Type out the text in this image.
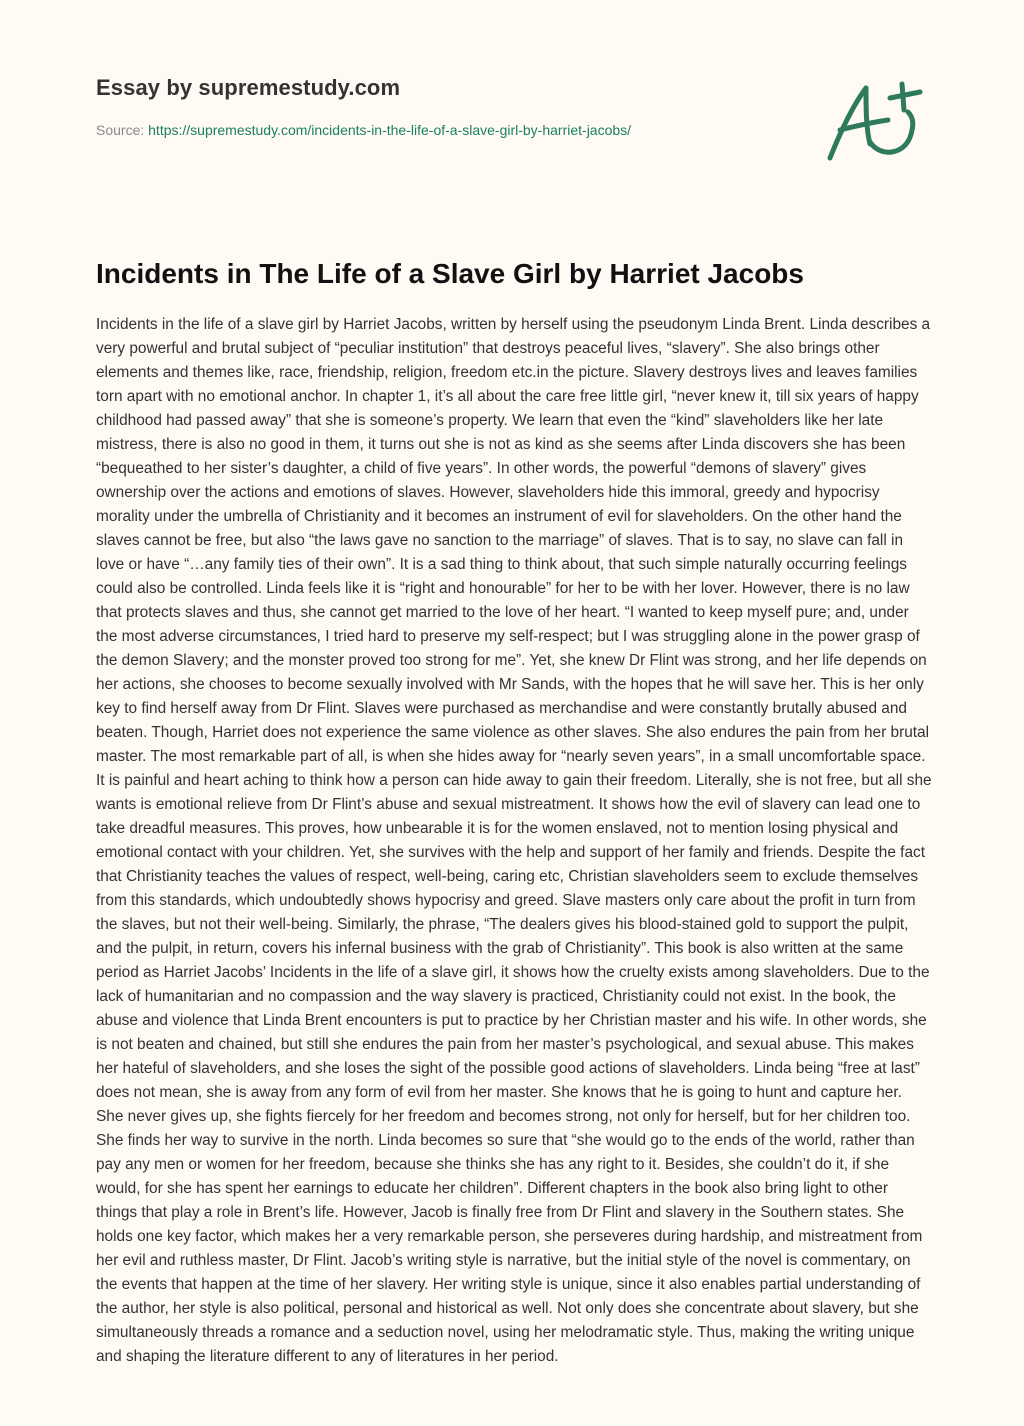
Essay by supremestudy.com
Source: https://supremestudy.com/incidents-in-the-life-of-a-slave-girl-by-harriet-jacobs/
Incidents in The Life of a Slave Girl by Harriet Jacobs

Incidents in the life of a slave girl by Harriet Jacobs, written by herself using the pseudonym Linda Brent. Linda describes a very powerful and brutal subject of “peculiar institution” that destroys peaceful lives, “slavery”. She also brings other elements and themes like, race, friendship, religion, freedom etc.in the picture. Slavery destroys lives and leaves families torn apart with no emotional anchor. In chapter 1, it’s all about the care free little girl, “never knew it, till six years of happy childhood had passed away” that she is someone’s property. We learn that even the “kind” slaveholders like her late mistress, there is also no good in them, it turns out she is not as kind as she seems after Linda discovers she has been “bequeathed to her sister’s daughter, a child of five years”. In other words, the powerful “demons of slavery” gives ownership over the actions and emotions of slaves. However, slaveholders hide this immoral, greedy and hypocrisy morality under the umbrella of Christianity and it becomes an instrument of evil for slaveholders. On the other hand the slaves cannot be free, but also “the laws gave no sanction to the marriage” of slaves. That is to say, no slave can fall in love or have “…any family ties of their own”. It is a sad thing to think about, that such simple naturally occurring feelings could also be controlled. Linda feels like it is “right and honourable” for her to be with her lover. However, there is no law that protects slaves and thus, she cannot get married to the love of her heart. “I wanted to keep myself pure; and, under the most adverse circumstances, I tried hard to preserve my self-respect; but I was struggling alone in the power grasp of the demon Slavery; and the monster proved too strong for me”. Yet, she knew Dr Flint was strong, and her life depends on her actions, she chooses to become sexually involved with Mr Sands, with the hopes that he will save her. This is her only key to find herself away from Dr Flint. Slaves were purchased as merchandise and were constantly brutally abused and beaten. Though, Harriet does not experience the same violence as other slaves. She also endures the pain from her brutal master. The most remarkable part of all, is when she hides away for “nearly seven years”, in a small uncomfortable space. It is painful and heart aching to think how a person can hide away to gain their freedom. Literally, she is not free, but all she wants is emotional relieve from Dr Flint’s abuse and sexual mistreatment. It shows how the evil of slavery can lead one to take dreadful measures. This proves, how unbearable it is for the women enslaved, not to mention losing physical and emotional contact with your children. Yet, she survives with the help and support of her family and friends. Despite the fact that Christianity teaches the values of respect, well-being, caring etc, Christian slaveholders seem to exclude themselves from this standards, which undoubtedly shows hypocrisy and greed. Slave masters only care about the profit in turn from the slaves, but not their well-being. Similarly, the phrase, “The dealers gives his blood-stained gold to support the pulpit, and the pulpit, in return, covers his infernal business with the grab of Christianity”. This book is also written at the same period as Harriet Jacobs’ Incidents in the life of a slave girl, it shows how the cruelty exists among slaveholders. Due to the lack of humanitarian and no compassion and the way slavery is practiced, Christianity could not exist. In the book, the abuse and violence that Linda Brent encounters is put to practice by her Christian master and his wife. In other words, she is not beaten and chained, but still she endures the pain from her master’s psychological, and sexual abuse. This makes her hateful of slaveholders, and she loses the sight of the possible good actions of slaveholders. Linda being “free at last” does not mean, she is away from any form of evil from her master. She knows that he is going to hunt and capture her. She never gives up, she fights fiercely for her freedom and becomes strong, not only for herself, but for her children too. She finds her way to survive in the north. Linda becomes so sure that “she would go to the ends of the world, rather than pay any men or women for her freedom, because she thinks she has any right to it. Besides, she couldn’t do it, if she would, for she has spent her earnings to educate her children”. Different chapters in the book also bring light to other things that play a role in Brent’s life. However, Jacob is finally free from Dr Flint and slavery in the Southern states. She holds one key factor, which makes her a very remarkable person, she perseveres during hardship, and mistreatment from her evil and ruthless master, Dr Flint. Jacob’s writing style is narrative, but the initial style of the novel is commentary, on the events that happen at the time of her slavery. Her writing style is unique, since it also enables partial understanding of the author, her style is also political, personal and historical as well. Not only does she concentrate about slavery, but she simultaneously threads a romance and a seduction novel, using her melodramatic style. Thus, making the writing unique and shaping the literature different to any of literatures in her period.
